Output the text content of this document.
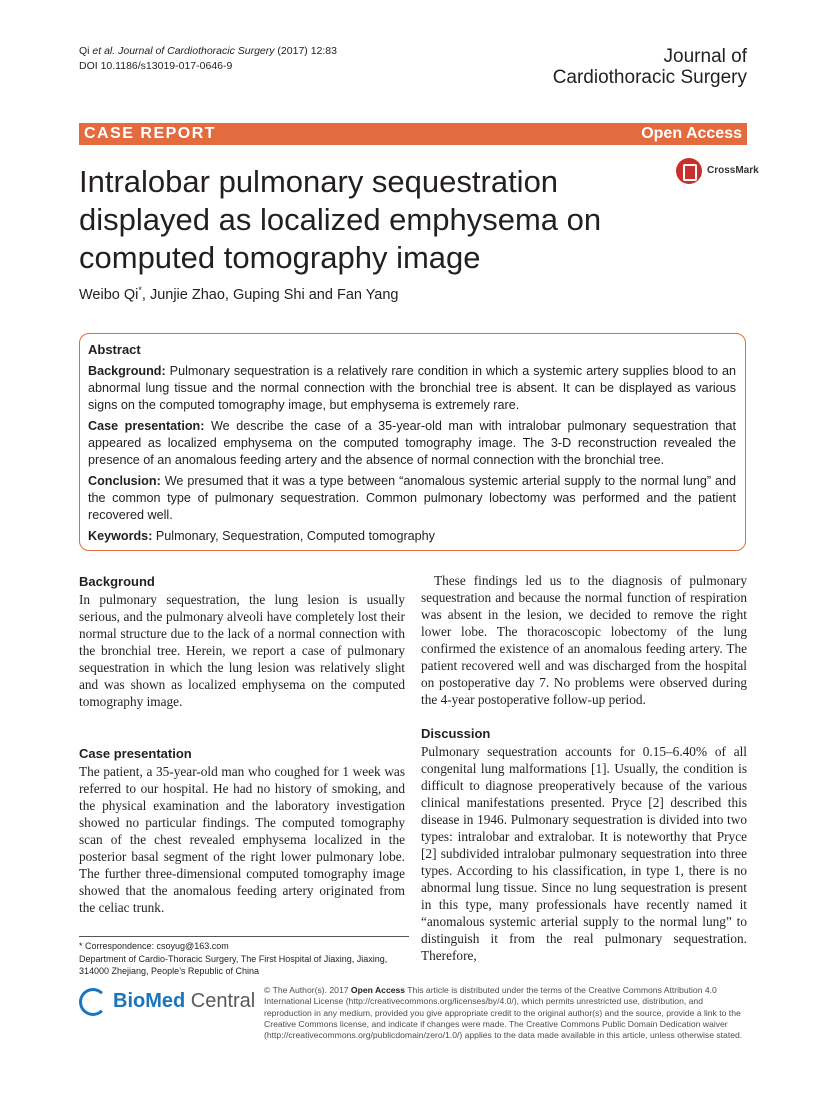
Qi et al. Journal of Cardiothoracic Surgery (2017) 12:83
DOI 10.1186/s13019-017-0646-9	Journal of
Cardiothoracic Surgery
CASE REPORT	Open Access
Intralobar pulmonary sequestration displayed as localized emphysema on computed tomography image
CrossMark
Weibo Qi*, Junjie Zhao, Guping Shi and Fan Yang
Abstract

Background: Pulmonary sequestration is a relatively rare condition in which a systemic artery supplies blood to an abnormal lung tissue and the normal connection with the bronchial tree is absent. It can be displayed as various signs on the computed tomography image, but emphysema is extremely rare.

Case presentation: We describe the case of a 35-year-old man with intralobar pulmonary sequestration that appeared as localized emphysema on the computed tomography image. The 3-D reconstruction revealed the presence of an anomalous feeding artery and the absence of normal connection with the bronchial tree.

Conclusion: We presumed that it was a type between “anomalous systemic arterial supply to the normal lung” and the common type of pulmonary sequestration. Common pulmonary lobectomy was performed and the patient recovered well.

Keywords: Pulmonary, Sequestration, Computed tomography

Background

In pulmonary sequestration, the lung lesion is usually serious, and the pulmonary alveoli have completely lost their normal structure due to the lack of a normal connection with the bronchial tree. Herein, we report a case of pulmonary sequestration in which the lung lesion was relatively slight and was shown as localized emphysema on the computed tomography image.

Case presentation

The patient, a 35-year-old man who coughed for 1 week was referred to our hospital. He had no history of smoking, and the physical examination and the laboratory investigation showed no particular findings. The computed tomography scan of the chest revealed emphysema localized in the posterior basal segment of the right lower pulmonary lobe. The further three-dimensional computed tomography image showed that the anomalous feeding artery originated from the celiac trunk.

These findings led us to the diagnosis of pulmonary sequestration and because the normal function of respiration was absent in the lesion, we decided to remove the right lower lobe. The thoracoscopic lobectomy of the lung confirmed the existence of an anomalous feeding artery. The patient recovered well and was discharged from the hospital on postoperative day 7. No problems were observed during the 4-year postoperative follow-up period.

Discussion

Pulmonary sequestration accounts for 0.15–6.40% of all congenital lung malformations [1]. Usually, the condition is difficult to diagnose preoperatively because of the various clinical manifestations presented. Pryce [2] described this disease in 1946. Pulmonary sequestration is divided into two types: intralobar and extralobar. It is noteworthy that Pryce [2] subdivided intralobar pulmonary sequestration into three types. According to his classification, in type 1, there is no abnormal lung tissue. Since no lung sequestration is present in this type, many professionals have recently named it “anomalous systemic arterial supply to the normal lung” to distinguish it from the real pulmonary sequestration. Therefore,

* Correspondence: csoyug@163.com
Department of Cardio-Thoracic Surgery, The First Hospital of Jiaxing, Jiaxing, 314000 Zhejiang, People’s Republic of China
BioMed Central © The Author(s). 2017 Open Access This article is distributed under the terms of the Creative Commons Attribution 4.0 International License (http://creativecommons.org/licenses/by/4.0/), which permits unrestricted use, distribution, and reproduction in any medium, provided you give appropriate credit to the original author(s) and the source, provide a link to the Creative Commons license, and indicate if changes were made. The Creative Commons Public Domain Dedication waiver (http://creativecommons.org/publicdomain/zero/1.0/) applies to the data made available in this article, unless otherwise stated.
